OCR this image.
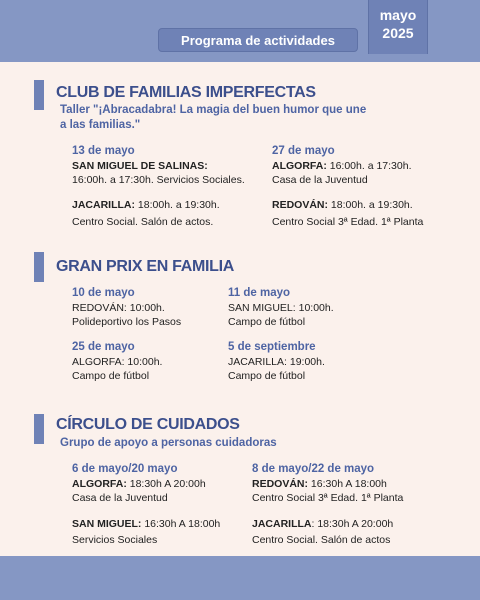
Programa de actividades
mayo
2025
CLUB DE FAMILIAS IMPERFECTAS
Taller "¡Abracadabra! La magia del buen humor que une
a las familias."
13 de mayo
SAN MIGUEL DE SALINAS:
16:00h. a 17:30h. Servicios Sociales.
JACARILLA: 18:00h. a 19:30h.
Centro Social. Salón de actos.
27 de mayo
ALGORFA: 16:00h. a 17:30h.
Casa de la Juventud
REDOVÁN: 18:00h. a 19:30h.
Centro Social 3ª Edad. 1ª Planta
GRAN PRIX EN FAMILIA
10 de mayo
REDOVÁN: 10:00h.
Polideportivo los Pasos
11 de mayo
SAN MIGUEL: 10:00h.
Campo de fútbol
25 de mayo
ALGORFA: 10:00h.
Campo de fútbol
5 de septiembre
JACARILLA: 19:00h.
Campo de fútbol
CÍRCULO DE CUIDADOS
Grupo de apoyo a personas cuidadoras
6 de mayo/20 mayo
ALGORFA: 18:30h A 20:00h
Casa de la Juventud
SAN MIGUEL: 16:30h A 18:00h
Servicios Sociales
8 de mayo/22 de mayo
REDOVÁN: 16:30h A 18:00h
Centro Social 3ª Edad. 1ª Planta
JACARILLA: 18:30h A 20:00h
Centro Social. Salón de actos
